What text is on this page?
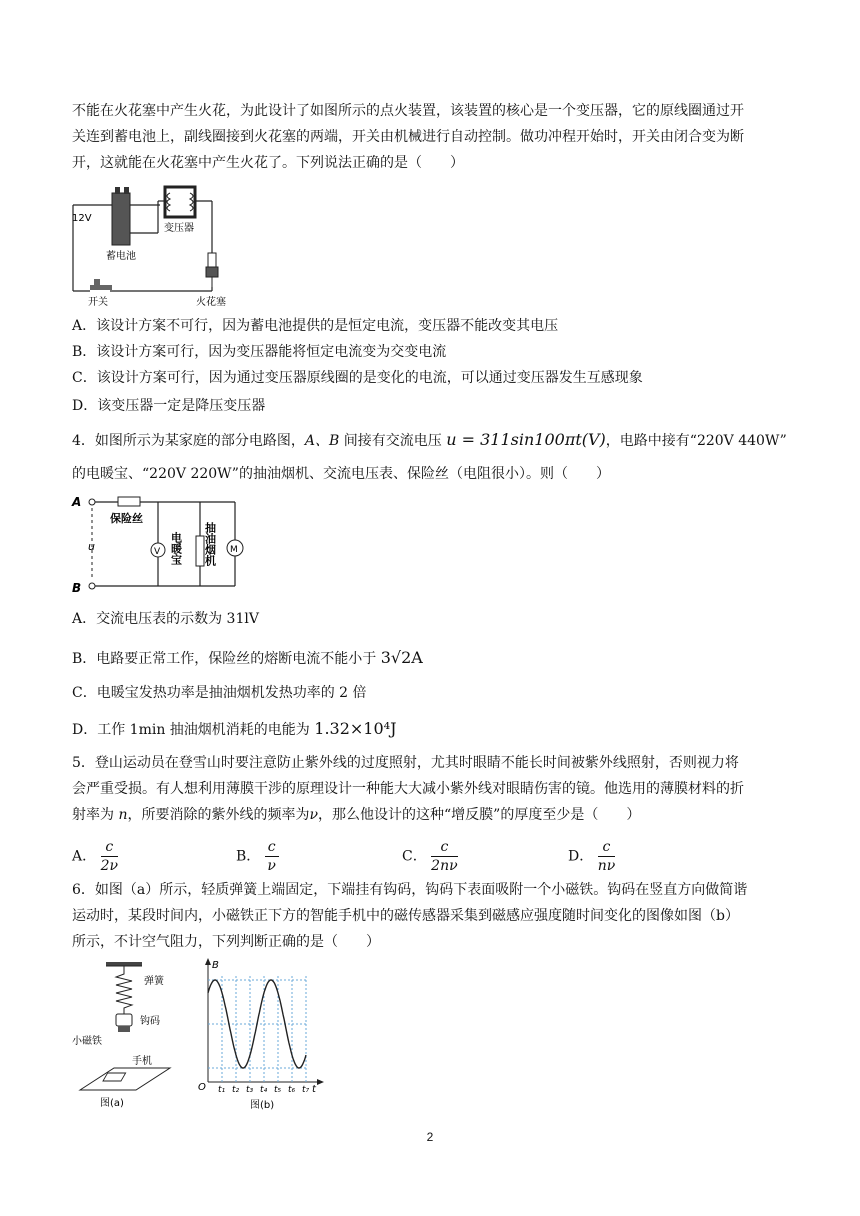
不能在火花塞中产生火花，为此设计了如图所示的点火装置，该装置的核心是一个变压器，它的原线圈通过开

关连到蓄电池上，副线圈接到火花塞的两端，开关由机械进行自动控制。做功冲程开始时，开关由闭合变为断

开，这就能在火花塞中产生火花了。下列说法正确的是（　　）

12V
蓄电池
变压器
火花塞
开关

A．该设计方案不可行，因为蓄电池提供的是恒定电流，变压器不能改变其电压

B．该设计方案可行，因为变压器能将恒定电流变为交变电流

C．该设计方案可行，因为通过变压器原线圈的是变化的电流，可以通过变压器发生互感现象

D．该变压器一定是降压变压器

4．如图所示为某家庭的部分电路图，A、B 间接有交流电压 u = 311sin100πt(V)，电路中接有“220V 440W”

的电暖宝、“220V 220W”的抽油烟机、交流电压表、保险丝（电阻很小）。则（　　）

A
B
u
保险丝
V 电暖宝 抽油烟机 M

A．交流电压表的示数为 31lV

B．电路要正常工作，保险丝的熔断电流不能小于 3√2A

C．电暖宝发热功率是抽油烟机发热功率的 2 倍

D．工作 1min 抽油烟机消耗的电能为 1.32×10⁴J

5．登山运动员在登雪山时要注意防止紫外线的过度照射，尤其时眼睛不能长时间被紫外线照射，否则视力将

会严重受损。有人想利用薄膜干涉的原理设计一种能大大减小紫外线对眼睛伤害的镜。他选用的薄膜材料的折

射率为 n，所要消除的紫外线的频率为ν，那么他设计的这种“增反膜”的厚度至少是（　　）

A． $\frac{c}{2\nu}$	B． $\frac{c}{\nu}$	C． $\frac{c}{2n\nu}$	D． $\frac{c}{n\nu}$

6．如图（a）所示，轻质弹簧上端固定，下端挂有钩码，钩码下表面吸附一个小磁铁。钩码在竖直方向做简谐

运动时，某段时间内，小磁铁正下方的智能手机中的磁传感器采集到磁感应强度随时间变化的图像如图（b）

所示，不计空气阻力，下列判断正确的是（　　）

弹簧
钩码
小磁铁
手机
图(a)
B
O	t
t₁ t₂ t₃ t₄ t₅ t₆ t₇
图(b)
2
